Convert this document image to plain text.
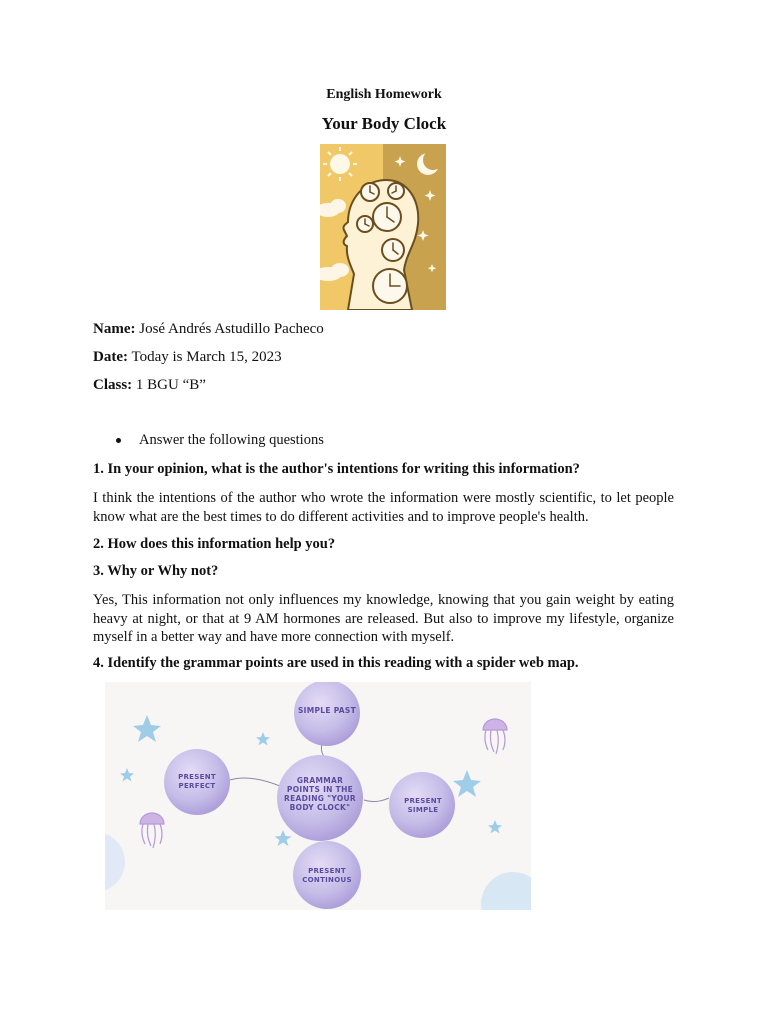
English Homework
Your Body Clock
Name: José Andrés Astudillo Pacheco
Date: Today is March 15, 2023
Class: 1 BGU “B”
Answer the following questions
1. In your opinion, what is the author's intentions for writing this information?
I think the intentions of the author who wrote the information were mostly scientific, to let people know what are the best times to do different activities and to improve people's health.
2. How does this information help you?
3. Why or Why not?
Yes, This information not only influences my knowledge, knowing that you gain weight by eating heavy at night, or that at 9 AM hormones are released. But also to improve my lifestyle, organize myself in a better way and have more connection with myself.
4. Identify the grammar points are used in this reading with a spider web map.
SIMPLE PAST
PRESENT
PERFECT
GRAMMAR
POINTS IN THE
READING "YOUR
BODY CLOCK"
PRESENT
SIMPLE
PRESENT
CONTINOUS
